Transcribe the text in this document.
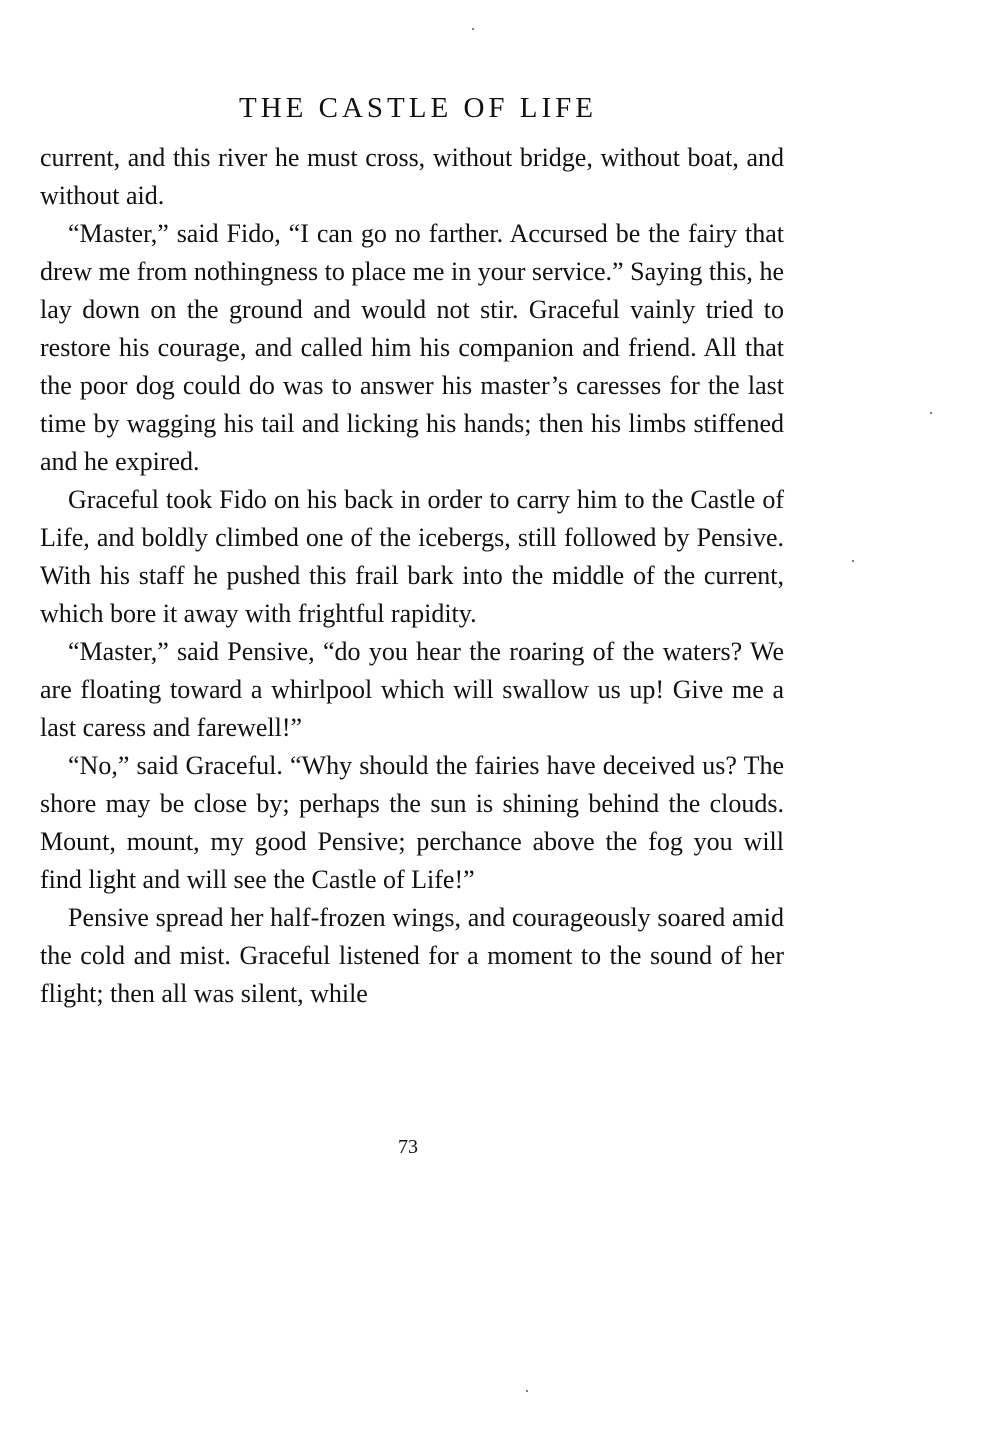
THE CASTLE OF LIFE

current, and this river he must cross, without bridge, without boat, and without aid.

“Master,” said Fido, “I can go no farther. Accursed be the fairy that drew me from nothingness to place me in your service.” Saying this, he lay down on the ground and would not stir. Graceful vainly tried to restore his courage, and called him his companion and friend. All that the poor dog could do was to answer his master’s caresses for the last time by wagging his tail and licking his hands; then his limbs stiffened and he expired.

Graceful took Fido on his back in order to carry him to the Castle of Life, and boldly climbed one of the icebergs, still followed by Pensive. With his staff he pushed this frail bark into the middle of the current, which bore it away with frightful rapidity.

“Master,” said Pensive, “do you hear the roaring of the waters? We are floating toward a whirlpool which will swallow us up! Give me a last caress and farewell!”

“No,” said Graceful. “Why should the fairies have deceived us? The shore may be close by; perhaps the sun is shining behind the clouds. Mount, mount, my good Pensive; perchance above the fog you will find light and will see the Castle of Life!”

Pensive spread her half-frozen wings, and courageously soared amid the cold and mist. Graceful listened for a moment to the sound of her flight; then all was silent, while

73
